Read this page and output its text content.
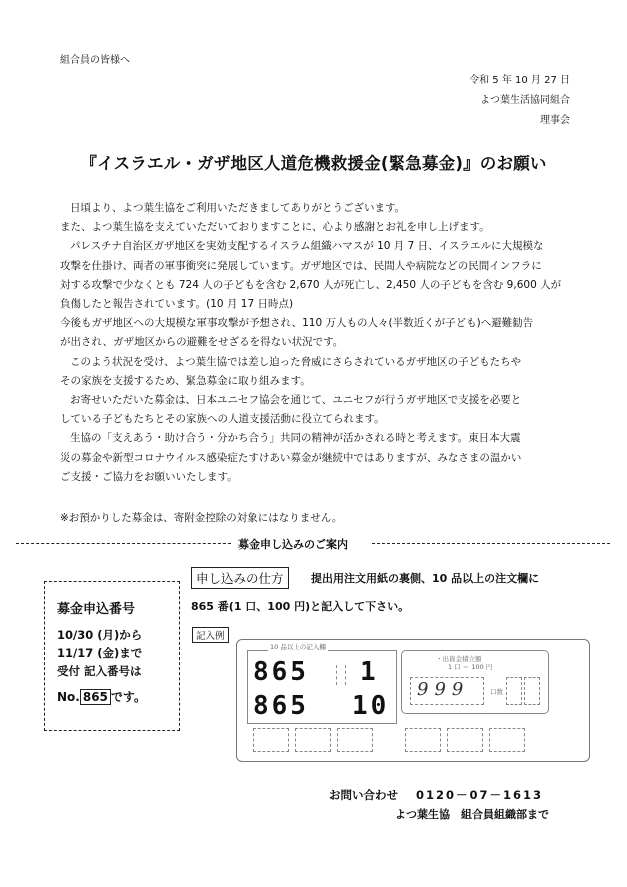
組合員の皆様へ
令和 5 年 10 月 27 日
よつ葉生活協同組合
理事会
『イスラエル・ガザ地区人道危機救援金(緊急募金)』のお願い
日頃より、よつ葉生協をご利用いただきましてありがとうございます。
また、よつ葉生協を支えていただいておりますことに、心より感謝とお礼を申し上げます。
パレスチナ自治区ガザ地区を実効支配するイスラム組織ハマスが 10 月 7 日、イスラエルに大規模な
攻撃を仕掛け、両者の軍事衝突に発展しています。ガザ地区では、民間人や病院などの民間インフラに
対する攻撃で少なくとも 724 人の子どもを含む 2,670 人が死亡し、2,450 人の子どもを含む 9,600 人が
負傷したと報告されています。(10 月 17 日時点)
今後もガザ地区への大規模な軍事攻撃が予想され、110 万人もの人々(半数近くが子ども)へ避難勧告
が出され、ガザ地区からの避難をせざるを得ない状況です。
このよう状況を受け、よつ葉生協では差し迫った脅威にさらされているガザ地区の子どもたちや
その家族を支援するため、緊急募金に取り組みます。
お寄せいただいた募金は、日本ユニセフ協会を通じて、ユニセフが行うガザ地区で支援を必要と
している子どもたちとその家族への人道支援活動に役立てられます。
生協の「支えあう・助け合う・分かち合う」共同の精神が活かされる時と考えます。東日本大震
災の募金や新型コロナウイルス感染症たすけあい募金が継続中ではありますが、みなさまの温かい
ご支援・ご協力をお願いいたします。
※お預かりした募金は、寄附金控除の対象にはなりません。
募金申し込みのご案内
募金申込番号
10/30 (月)から
11/17 (金)まで
受付 記入番号は
No. 865 です。
申し込みの仕方	提出用注文用紙の裏側、10 品以上の注文欄に
865 番(1 口、100 円)と記入して下さい。
記入例
10 品以上の記入欄
865 1
865 10
・出資金積立額
1 口 ＝ 100 円
999	口数
お問い合わせ 0120－07－1613
よつ葉生協　組合員組織部まで
